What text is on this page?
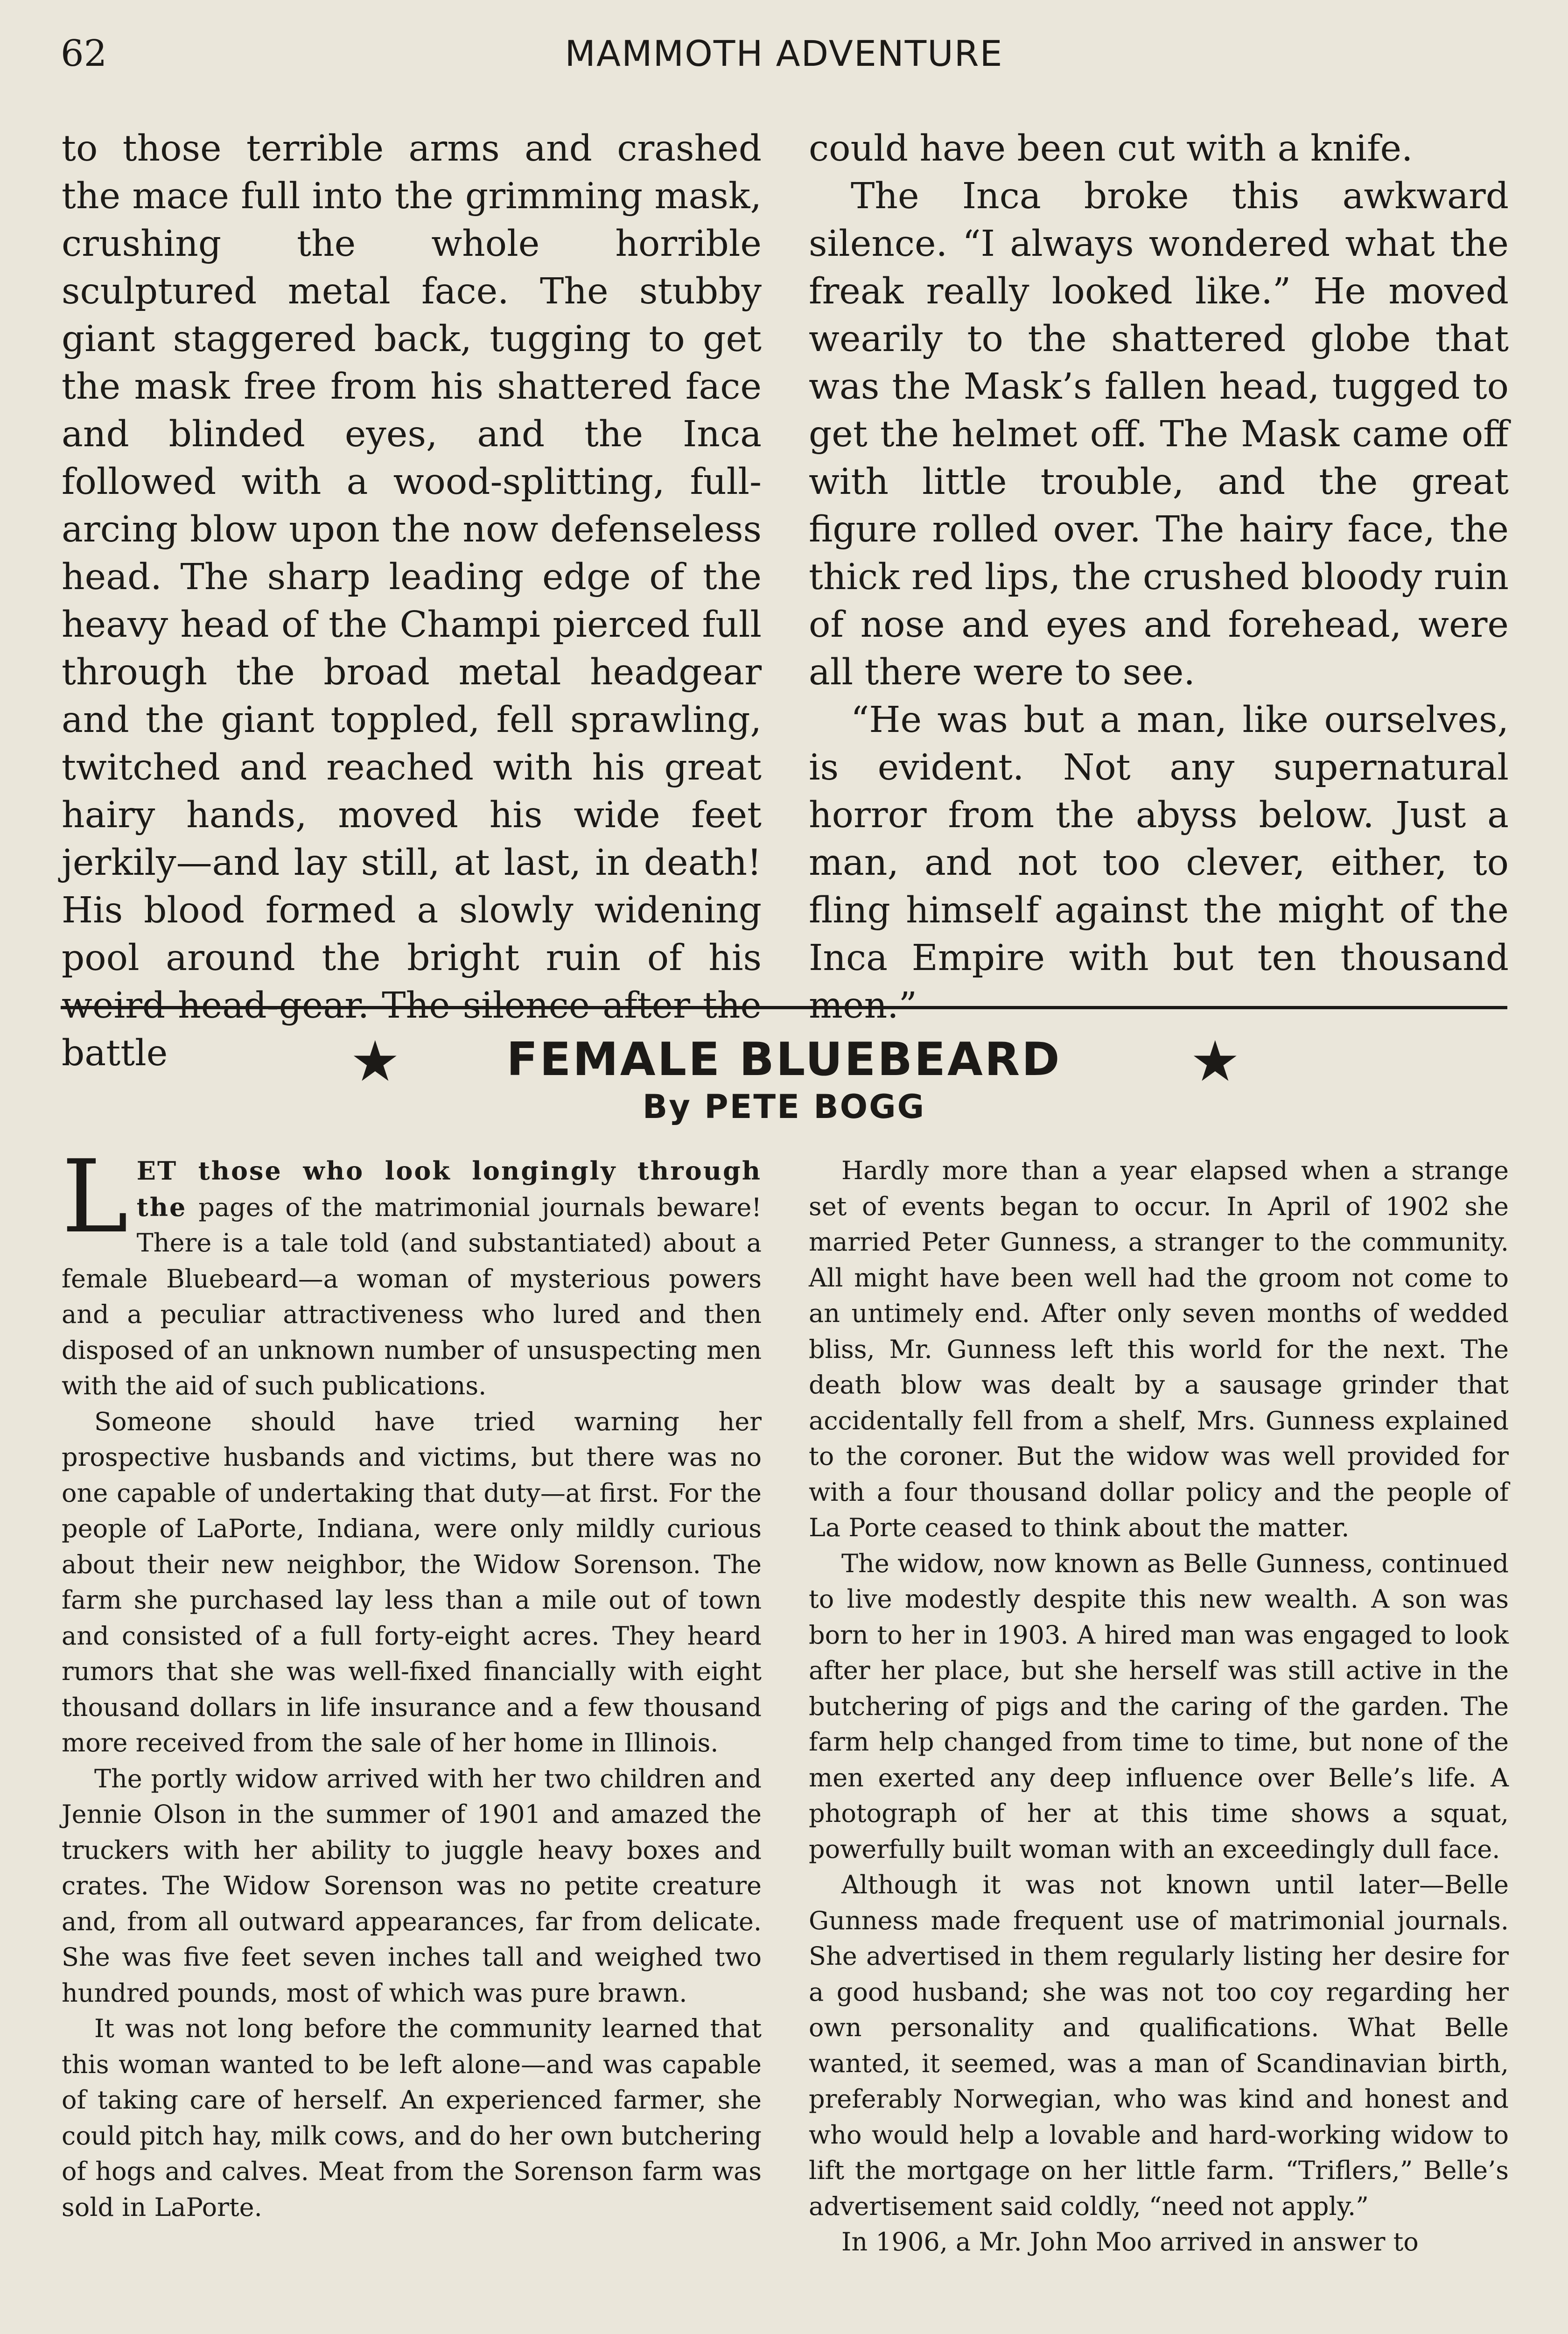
62	MAMMOTH ADVENTURE

to those terrible arms and crashed the mace full into the grimming mask, crushing the whole horrible sculptured metal face. The stubby giant staggered back, tugging to get the mask free from his shattered face and blinded eyes, and the Inca followed with a wood-splitting, full-arcing blow upon the now defenseless head. The sharp leading edge of the heavy head of the Champi pierced full through the broad metal headgear and the giant toppled, fell sprawling, twitched and reached with his great hairy hands, moved his wide feet jerkily—and lay still, at last, in death! His blood formed a slowly widening pool around the bright ruin of his weird head-gear. The silence after the battle

could have been cut with a knife.

The Inca broke this awkward silence. “I always wondered what the freak really looked like.” He moved wearily to the shattered globe that was the Mask’s fallen head, tugged to get the helmet off. The Mask came off with little trouble, and the great figure rolled over. The hairy face, the thick red lips, the crushed bloody ruin of nose and eyes and forehead, were all there were to see.

“He was but a man, like ourselves, is evident. Not any supernatural horror from the abyss below. Just a man, and not too clever, either, to fling himself against the might of the Inca Empire with but ten thousand men.”

★	FEMALE BLUEBEARD	★
By PETE BOGG

LET those who look longingly through the pages of the matrimonial journals beware! There is a tale told (and substantiated) about a female Bluebeard—a woman of mysterious powers and a peculiar attractiveness who lured and then disposed of an unknown number of unsuspecting men with the aid of such publications.

Someone should have tried warning her prospective husbands and victims, but there was no one capable of undertaking that duty—at first. For the people of LaPorte, Indiana, were only mildly curious about their new neighbor, the Widow Sorenson. The farm she purchased lay less than a mile out of town and consisted of a full forty-eight acres. They heard rumors that she was well-fixed financially with eight thousand dollars in life insurance and a few thousand more received from the sale of her home in Illinois.

The portly widow arrived with her two children and Jennie Olson in the summer of 1901 and amazed the truckers with her ability to juggle heavy boxes and crates. The Widow Sorenson was no petite creature and, from all outward appearances, far from delicate. She was five feet seven inches tall and weighed two hundred pounds, most of which was pure brawn.

It was not long before the community learned that this woman wanted to be left alone—and was capable of taking care of herself. An experienced farmer, she could pitch hay, milk cows, and do her own butchering of hogs and calves. Meat from the Sorenson farm was sold in LaPorte.

Hardly more than a year elapsed when a strange set of events began to occur. In April of 1902 she married Peter Gunness, a stranger to the community. All might have been well had the groom not come to an untimely end. After only seven months of wedded bliss, Mr. Gunness left this world for the next. The death blow was dealt by a sausage grinder that accidentally fell from a shelf, Mrs. Gunness explained to the coroner. But the widow was well provided for with a four thousand dollar policy and the people of La Porte ceased to think about the matter.

The widow, now known as Belle Gunness, continued to live modestly despite this new wealth. A son was born to her in 1903. A hired man was engaged to look after her place, but she herself was still active in the butchering of pigs and the caring of the garden. The farm help changed from time to time, but none of the men exerted any deep influence over Belle’s life. A photograph of her at this time shows a squat, powerfully built woman with an exceedingly dull face.

Although it was not known until later—Belle Gunness made frequent use of matrimonial journals. She advertised in them regularly listing her desire for a good husband; she was not too coy regarding her own personality and qualifications. What Belle wanted, it seemed, was a man of Scandinavian birth, preferably Norwegian, who was kind and honest and who would help a lovable and hard-working widow to lift the mortgage on her little farm. “Triflers,” Belle’s advertisement said coldly, “need not apply.”

In 1906, a Mr. John Moo arrived in answer to
